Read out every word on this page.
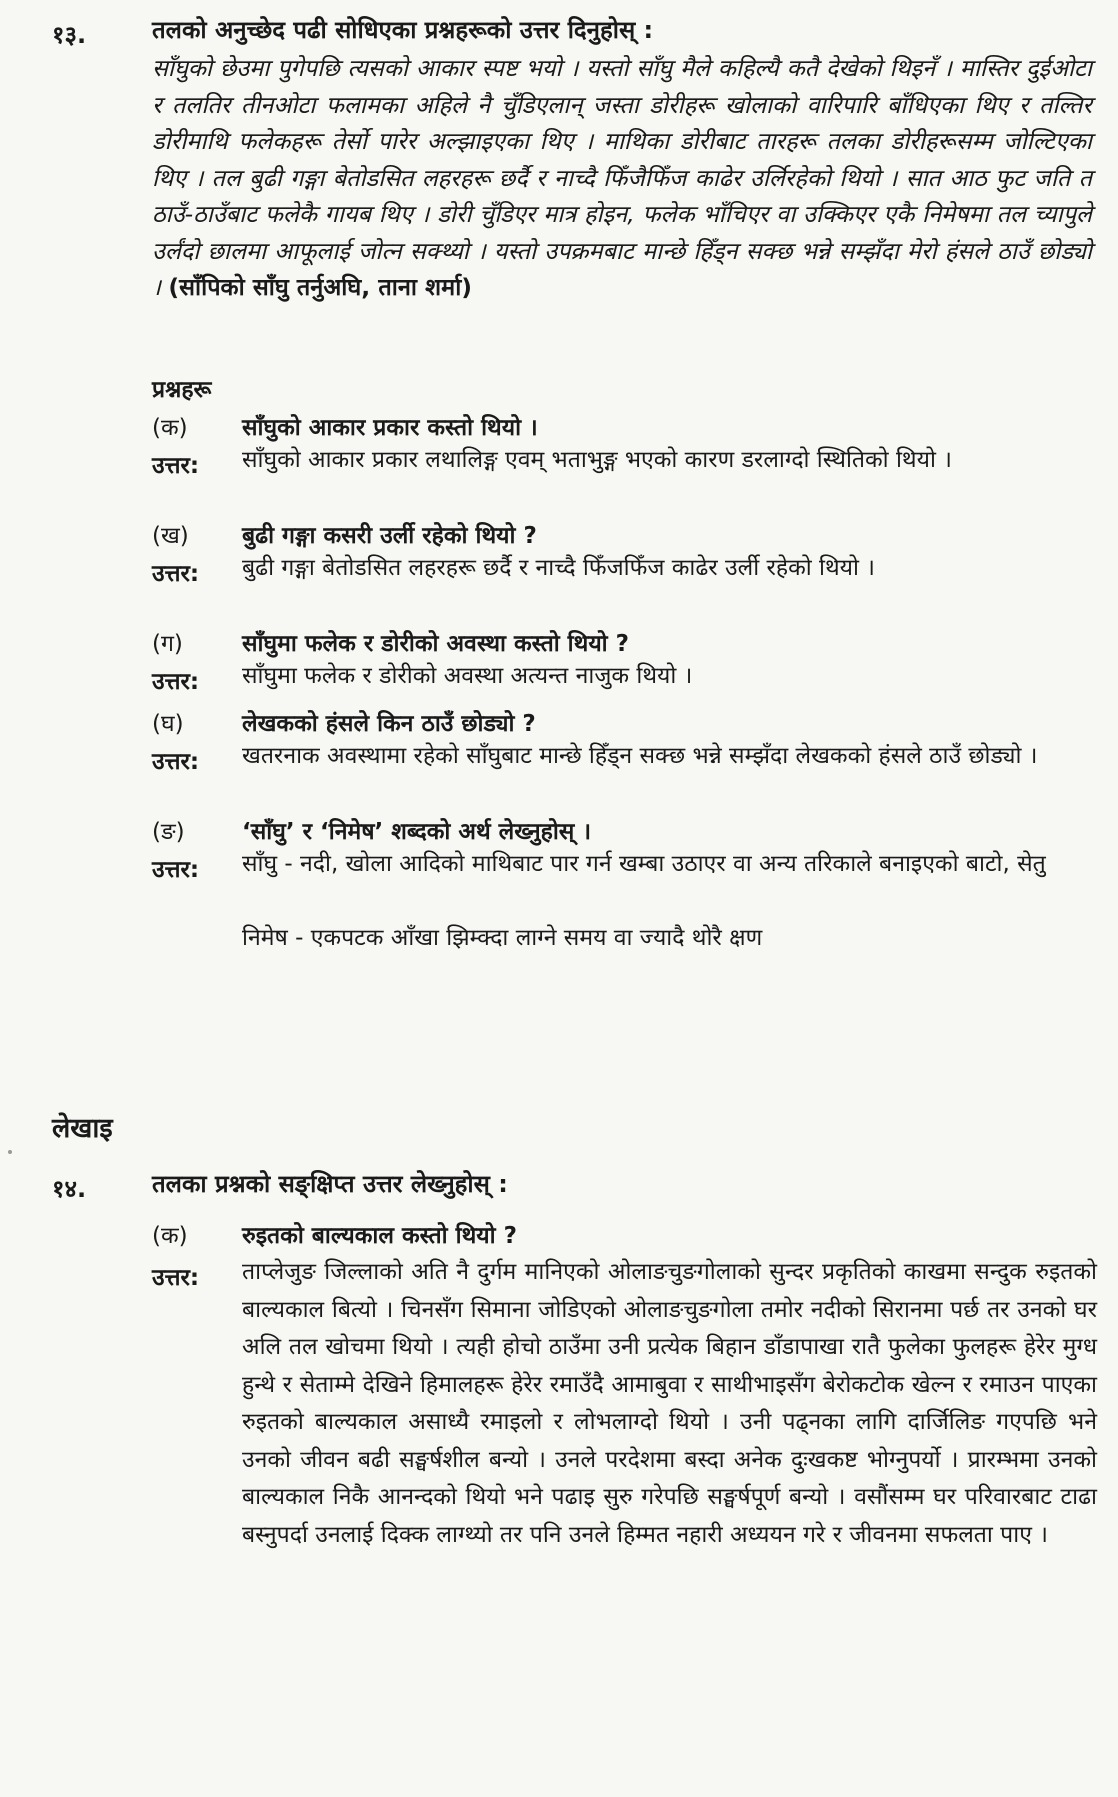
१३.	तलको अनुच्छेद पढी सोधिएका प्रश्नहरूको उत्तर दिनुहोस् :
साँघुको छेउमा पुगेपछि त्यसको आकार स्पष्ट भयो । यस्तो साँघु मैले कहिल्यै कतै देखेको थिइनँ । मास्तिर दुईओटा र तलतिर तीनओटा फलामका अहिले नै चुँडिएलान् जस्ता डोरीहरू खोलाको वारिपारि बाँधिएका थिए र तल्तिर डोरीमाथि फलेकहरू तेर्सो पारेर अल्झाइएका थिए । माथिका डोरीबाट तारहरू तलका डोरीहरूसम्म जोल्टिएका थिए । तल बुढी गङ्गा बेतोडसित लहरहरू छर्दै र नाच्दै फिँजैफिँज काढेर उर्लिरहेको थियो । सात आठ फुट जति त ठाउँ-ठाउँबाट फलेकै गायब थिए । डोरी चुँडिएर मात्र होइन, फलेक भाँचिएर वा उक्किएर एकै निमेषमा तल च्यापुले उर्लंदो छालमा आफूलाई जोत्न सक्थ्यो । यस्तो उपक्रमबाट मान्छे हिँड्न सक्छ भन्ने सम्झँदा मेरो हंसले ठाउँ छोड्यो । (साँपिको साँघु तर्नुअघि, ताना शर्मा)
प्रश्नहरू
(क) साँघुको आकार प्रकार कस्तो थियो ।
उत्तर: साँघुको आकार प्रकार लथालिङ्ग एवम् भताभुङ्ग भएको कारण डरलाग्दो स्थितिको थियो ।
(ख) बुढी गङ्गा कसरी उर्ली रहेको थियो ?
उत्तर: बुढी गङ्गा बेतोडसित लहरहरू छर्दै र नाच्दै फिँजफिँज काढेर उर्ली रहेको थियो ।
(ग)	साँघुमा फलेक र डोरीको अवस्था कस्तो थियो ?
उत्तर: साँघुमा फलेक र डोरीको अवस्था अत्यन्त नाजुक थियो ।
(घ)	लेखकको हंसले किन ठाउँ छोड्यो ?
उत्तर: खतरनाक अवस्थामा रहेको साँघुबाट मान्छे हिँड्न सक्छ भन्ने सम्झँदा लेखकको हंसले ठाउँ छोड्यो ।
(ङ) ‘साँघु’ र ‘निमेष’ शब्दको अर्थ लेख्नुहोस् ।
उत्तर: साँघु - नदी, खोला आदिको माथिबाट पार गर्न खम्बा उठाएर वा अन्य तरिकाले बनाइएको बाटो, सेतु
निमेष - एकपटक आँखा झिम्क्दा लाग्ने समय वा ज्यादै थोरै क्षण
लेखाइ
१४.	तलका प्रश्नको सङ्क्षिप्त उत्तर लेख्नुहोस् :
(क) रुइतको बाल्यकाल कस्तो थियो ?
उत्तर: ताप्लेजुङ जिल्लाको अति नै दुर्गम मानिएको ओलाङचुङगोलाको सुन्दर प्रकृतिको काखमा सन्दुक रुइतको बाल्यकाल बित्यो । चिनसँग सिमाना जोडिएको ओलाङचुङगोला तमोर नदीको सिरानमा पर्छ तर उनको घर अलि तल खोचमा थियो । त्यही होचो ठाउँमा उनी प्रत्येक बिहान डाँडापाखा रातै फुलेका फुलहरू हेरेर मुग्ध हुन्थे र सेताम्मे देखिने हिमालहरू हेरेर रमाउँदै आमाबुवा र साथीभाइसँग बेरोकटोक खेल्न र रमाउन पाएका रुइतको बाल्यकाल असाध्यै रमाइलो र लोभलाग्दो थियो । उनी पढ्नका लागि दार्जिलिङ गएपछि भने उनको जीवन बढी सङ्घर्षशील बन्यो । उनले परदेशमा बस्दा अनेक दुःखकष्ट भोग्नुपर्यो । प्रारम्भमा उनको बाल्यकाल निकै आनन्दको थियो भने पढाइ सुरु गरेपछि सङ्घर्षपूर्ण बन्यो । वसौंसम्म घर परिवारबाट टाढा बस्नुपर्दा उनलाई दिक्क लाग्थ्यो तर पनि उनले हिम्मत नहारी अध्ययन गरे र जीवनमा सफलता पाए ।
